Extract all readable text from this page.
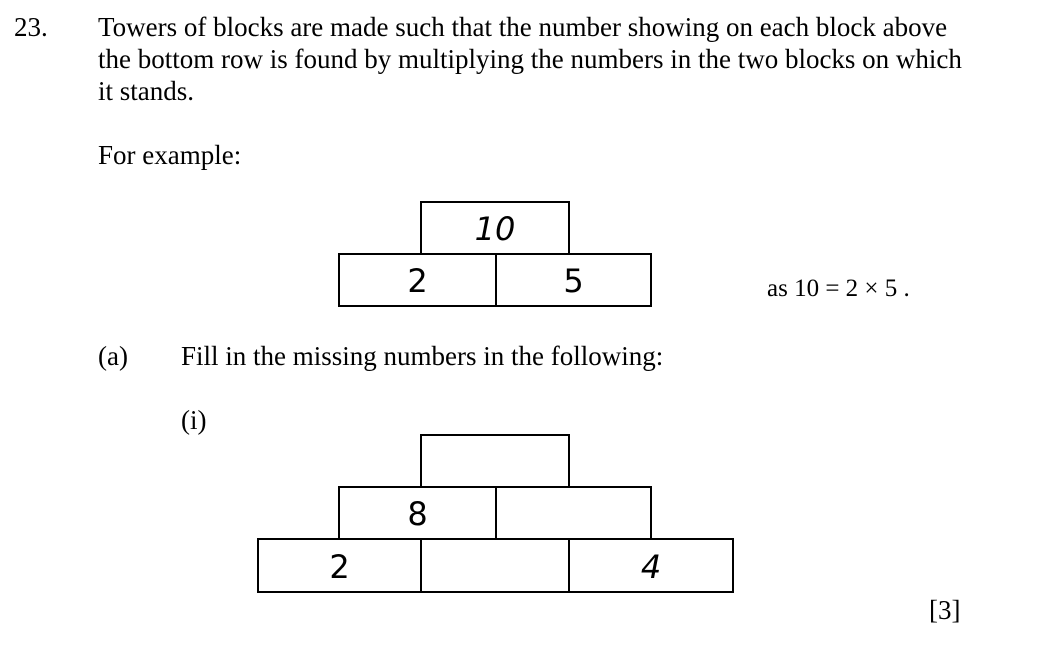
23. Towers of blocks are made such that the number showing on each block above
the bottom row is found by multiplying the numbers in the two blocks on which
it stands.
For example:
10
2	5	as 10 = 2 × 5 .
(a) Fill in the missing numbers in the following:
(i)
8
2	4
[3]
